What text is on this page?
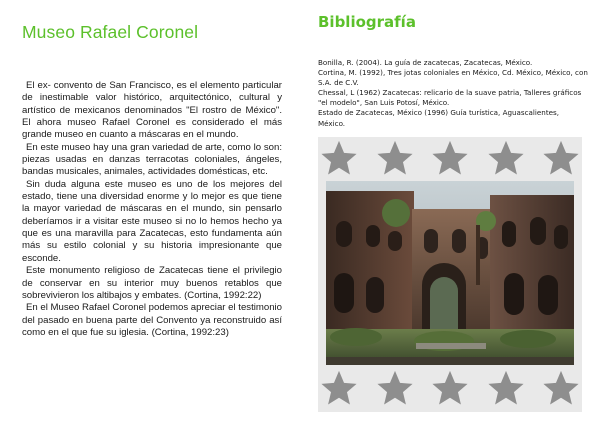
Museo Rafael Coronel

El ex- convento de San Francisco, es el elemento particular de inestimable valor histórico, arquitectónico, cultural y artístico de mexicanos denominados "El rostro de México". El ahora museo Rafael Coronel es considerado el más grande museo en cuanto a máscaras en el mundo.

En este museo hay una gran variedad de arte, como lo son: piezas usadas en danzas terracotas coloniales, ángeles, bandas musicales, animales, actividades domésticas, etc.

Sin duda alguna este museo es uno de los mejores del estado, tiene una diversidad enorme y lo mejor es que tiene la mayor variedad de máscaras en el mundo, sin pensarlo deberíamos ir a visitar este museo si no lo hemos hecho ya que es una maravilla para Zacatecas, esto fundamenta aún más su estilo colonial y su historia impresionante que esconde.

Este monumento religioso de Zacatecas tiene el privilegio de conservar en su interior muy buenos retablos que sobrevivieron los altibajos y embates. (Cortina, 1992:22)

En el Museo Rafael Coronel podemos apreciar el testimonio del pasado en buena parte del Convento ya reconstruido así como en el que fue su iglesia. (Cortina, 1992:23)

Bibliografía

Bonilla, R. (2004). La guía de zacatecas, Zacatecas, México.

Cortina, M. (1992), Tres jotas coloniales en México, Cd. México, México, con S.A. de C.V.

Chessal, L (1962) Zacatecas: relicario de la suave patria, Talleres gráficos "el modelo", San Luis Potosí, México.

Estado de Zacatecas, México (1996) Guía turística, Aguascalientes, México.
